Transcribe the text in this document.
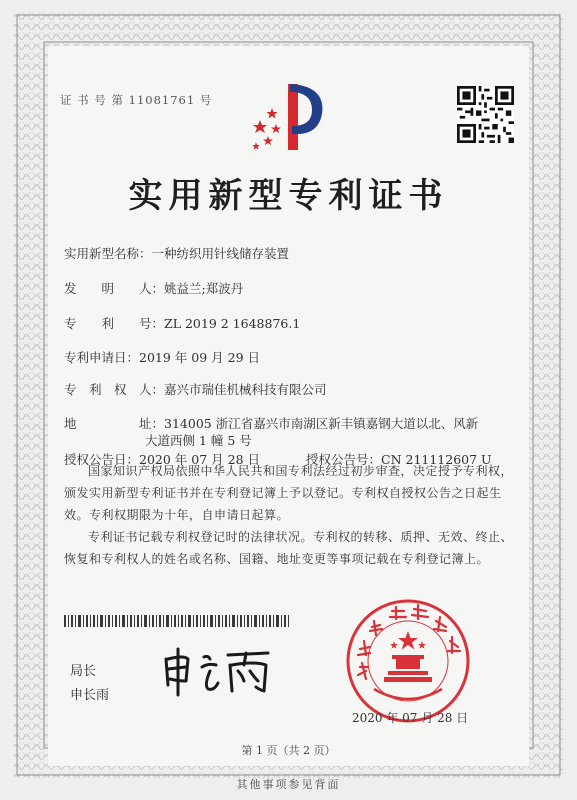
证 书 号 第 11081761 号
实用新型专利证书
实用新型名称：一种纺织用针线储存装置
发　　明　　人：姚益兰;郑波丹
专　　利　　号：ZL 2019 2 1648876.1
专利申请日：2019 年 09 月 29 日
专　利　权　人：嘉兴市瑞佳机械科技有限公司
地　　　　　址：314005 浙江省嘉兴市南湖区新丰镇嘉钢大道以北、风新
大道西侧 1 幢 5 号
授权公告日：2020 年 07 月 28 日	授权公告号：CN 211112607 U

国家知识产权局依照中华人民共和国专利法经过初步审查，决定授予专利权，颁发实用新型专利证书并在专利登记簿上予以登记。专利权自授权公告之日起生效。专利权期限为十年，自申请日起算。

专利证书记载专利权登记时的法律状况。专利权的转移、质押、无效、终止、恢复和专利权人的姓名或名称、国籍、地址变更等事项记载在专利登记簿上。

局长
申长雨
2020 年 07 月 28 日
第 1 页（共 2 页）
其他事项参见背面
